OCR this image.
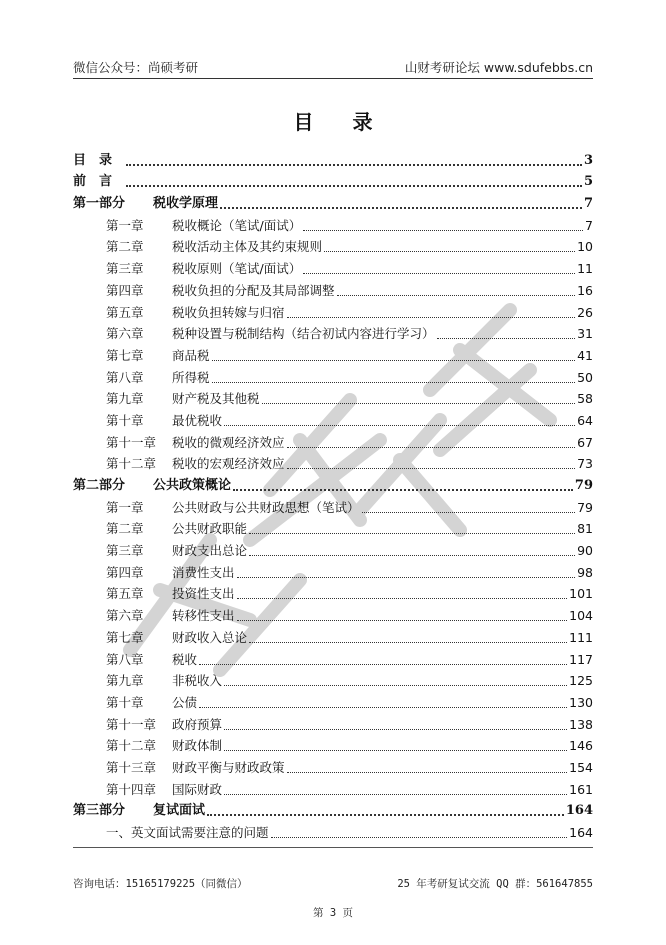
微信公众号：尚硕考研	山财考研论坛 www.sdufebbs.cn
目 录
目　录	3
前　言	5
第一部分	税收学原理	7
第一章	税收概论（笔试/面试）	7
第二章	税收活动主体及其约束规则	10
第三章	税收原则（笔试/面试）	11
第四章	税收负担的分配及其局部调整	16
第五章	税收负担转嫁与归宿	26
第六章	税种设置与税制结构（结合初试内容进行学习）	31
第七章	商品税	41
第八章	所得税	50
第九章	财产税及其他税	58
第十章	最优税收	64
第十一章	税收的微观经济效应	67
第十二章	税收的宏观经济效应	73
第二部分	公共政策概论	79
第一章	公共财政与公共财政思想（笔试）	79
第二章	公共财政职能	81
第三章	财政支出总论	90
第四章	消费性支出	98
第五章	投资性支出	101
第六章	转移性支出	104
第七章	财政收入总论	111
第八章	税收	117
第九章	非税收入	125
第十章	公债	130
第十一章	政府预算	138
第十二章	财政体制	146
第十三章	财政平衡与财政政策	154
第十四章	国际财政	161
第三部分	复试面试	164
一、英文面试需要注意的问题	164
咨询电话：15165179225（同微信）	25 年考研复试交流 QQ 群：561647855
第 3 页
